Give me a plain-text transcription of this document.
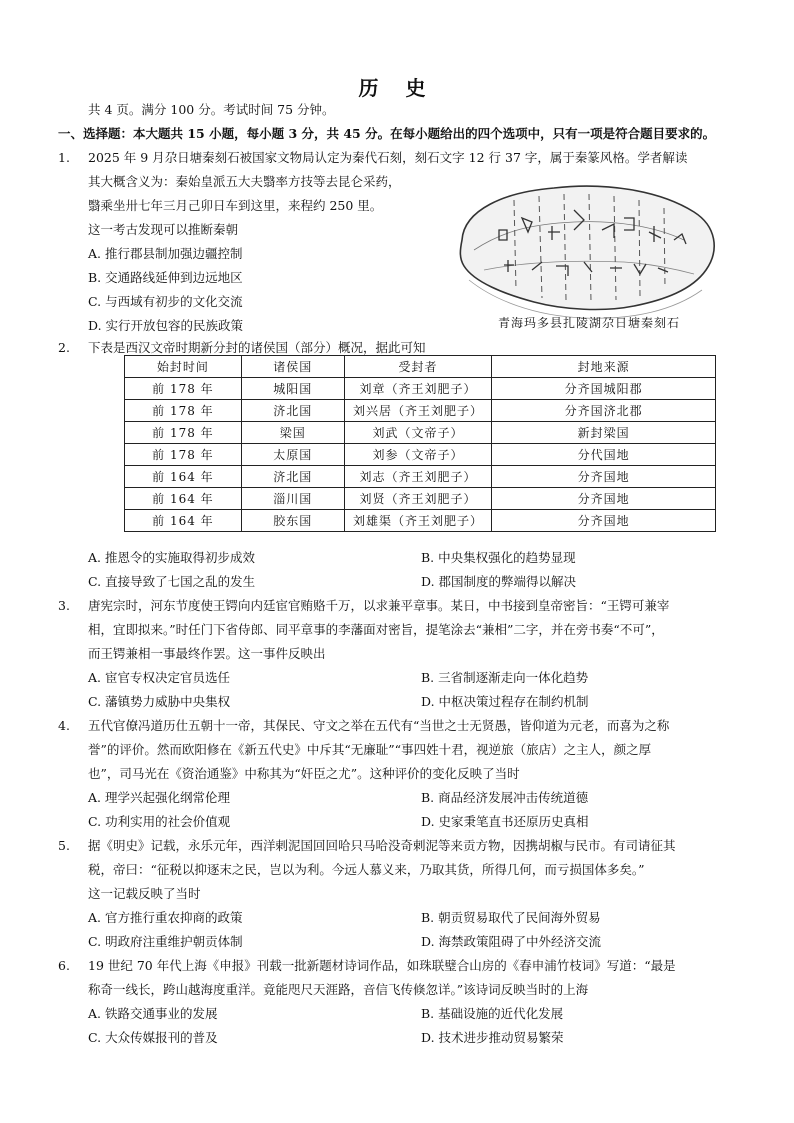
历 史
共 4 页。满分 100 分。考试时间 75 分钟。
一、选择题：本大题共 15 小题，每小题 3 分，共 45 分。在每小题给出的四个选项中，只有一项是符合题目要求的。
1. 2025 年 9 月尕日塘秦刻石被国家文物局认定为秦代石刻，刻石文字 12 行 37 字，属于秦篆风格。学者解读
其大概含义为：秦始皇派五大夫翳率方技等去昆仑采药，
翳乘坐卅七年三月己卯日车到这里，来程约 250 里。
这一考古发现可以推断秦朝
A. 推行郡县制加强边疆控制
B. 交通路线延伸到边远地区
C. 与西域有初步的文化交流
D. 实行开放包容的民族政策	青海玛多县扎陵湖尕日塘秦刻石
2. 下表是西汉文帝时期新分封的诸侯国（部分）概况，据此可知
始封时间	诸侯国	受封者	封地来源
前 178 年	城阳国	刘章（齐王刘肥子）	分齐国城阳郡
前 178 年	济北国	刘兴居（齐王刘肥子）	分齐国济北郡
前 178 年	梁国	刘武（文帝子）	新封梁国
前 178 年	太原国	刘参（文帝子）	分代国地
前 164 年	济北国	刘志（齐王刘肥子）	分齐国地
前 164 年	淄川国	刘贤（齐王刘肥子）	分齐国地
前 164 年	胶东国	刘雄渠（齐王刘肥子）	分齐国地
A. 推恩令的实施取得初步成效	B. 中央集权强化的趋势显现
C. 直接导致了七国之乱的发生	D. 郡国制度的弊端得以解决
3. 唐宪宗时，河东节度使王锷向内廷宦官贿赂千万，以求兼平章事。某日，中书接到皇帝密旨：“王锷可兼宰
相，宜即拟来。”时任门下省侍郎、同平章事的李藩面对密旨，提笔涂去“兼相”二字，并在旁书奏“不可”，
而王锷兼相一事最终作罢。这一事件反映出
A. 宦官专权决定官员选任	B. 三省制逐渐走向一体化趋势
C. 藩镇势力威胁中央集权	D. 中枢决策过程存在制约机制
4. 五代官僚冯道历仕五朝十一帝，其保民、守文之举在五代有“当世之士无贤愚，皆仰道为元老，而喜为之称
誉”的评价。然而欧阳修在《新五代史》中斥其“无廉耻”“事四姓十君，视逆旅（旅店）之主人，颜之厚
也”，司马光在《资治通鉴》中称其为“奸臣之尤”。这种评价的变化反映了当时
A. 理学兴起强化纲常伦理	B. 商品经济发展冲击传统道德
C. 功利实用的社会价值观	D. 史家秉笔直书还原历史真相
5. 据《明史》记载，永乐元年，西洋剌泥国回回哈只马哈没奇剌泥等来贡方物，因携胡椒与民市。有司请征其
税，帝曰：“征税以抑逐末之民，岂以为利。今远人慕义来，乃取其货，所得几何，而亏损国体多矣。”
这一记载反映了当时
A. 官方推行重农抑商的政策	B. 朝贡贸易取代了民间海外贸易
C. 明政府注重维护朝贡体制	D. 海禁政策阻碍了中外经济交流
6. 19 世纪 70 年代上海《申报》刊载一批新题材诗词作品，如珠联璧合山房的《春申浦竹枝词》写道：“最是
称奇一线长，跨山越海度重洋。竟能咫尺天涯路，音信飞传倏忽详。”该诗词反映当时的上海
A. 铁路交通事业的发展	B. 基础设施的近代化发展
C. 大众传媒报刊的普及	D. 技术进步推动贸易繁荣
